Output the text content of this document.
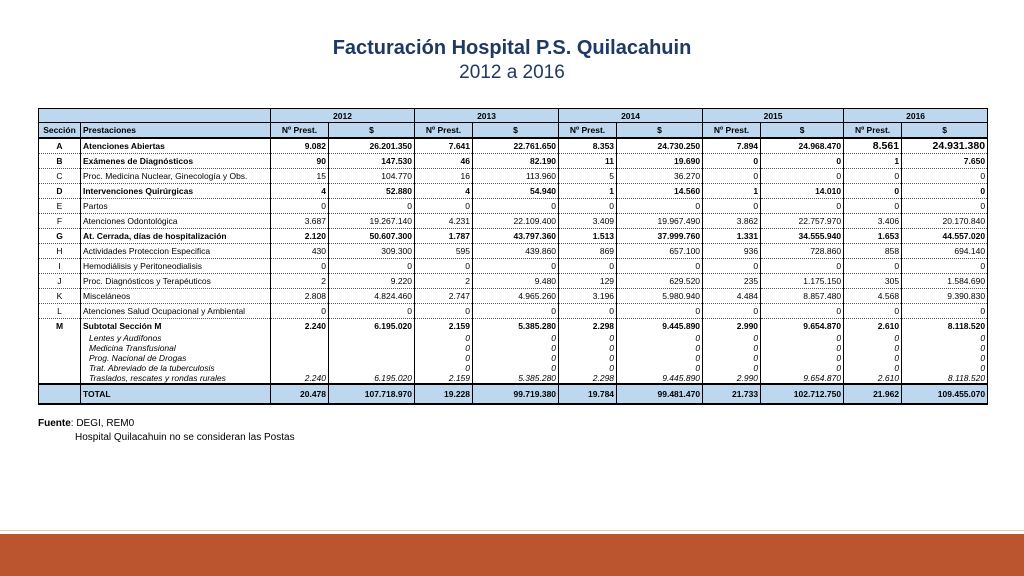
Facturación Hospital P.S. Quilacahuin
2012 a 2016
		2012		2013		2014		2015		2016	
Sección	Prestaciones	Nº Prest.	$	Nº Prest.	$	Nº Prest.	$	Nº Prest.	$	Nº Prest.	$
A	Atenciones Abiertas	9.082	26.201.350	7.641	22.761.650	8.353	24.730.250	7.894	24.968.470	8.561	24.931.380
B	Exámenes de Diagnósticos	90	147.530	46	82.190	11	19.690	0	0	1	7.650
C	Proc. Medicina Nuclear, Ginecología y Obs.	15	104.770	16	113.960	5	36.270	0	0	0	0
D	Intervenciones Quirúrgicas	4	52.880	4	54.940	1	14.560	1	14.010	0	0
E	Partos	0	0	0	0	0	0	0	0	0	0
F	Atenciones Odontológica	3.687	19.267.140	4.231	22.109.400	3.409	19.967.490	3.862	22.757.970	3.406	20.170.840
G	At. Cerrada, días de hospitalización	2.120	50.607.300	1.787	43.797.360	1.513	37.999.760	1.331	34.555.940	1.653	44.557.020
H	Actividades Proteccion Especifica	430	309.300	595	439.860	869	657.100	936	728.860	858	694.140
I	Hemodiálisis y Peritoneodialisis	0	0	0	0	0	0	0	0	0	0
J	Proc. Diagnósticos y Terapéuticos	2	9.220	2	9.480	129	629.520	235	1.175.150	305	1.584.690
K	Misceláneos	2.808	4.824.460	2.747	4.965.260	3.196	5.980.940	4.484	8.857.480	4.568	9.390.830
L	Atenciones Salud Ocupacional y Ambiental	0	0	0	0	0	0	0	0	0	0
M	Subtotal Sección M	2.240	6.195.020	2.159	5.385.280	2.298	9.445.890	2.990	9.654.870	2.610	8.118.520
	Lentes y Audífonos			0	0	0	0	0	0	0	0
	Medicina Transfusional			0	0	0	0	0	0	0	0
	Prog. Nacional de Drogas			0	0	0	0	0	0	0	0
	Trat. Abreviado de la tuberculosis			0	0	0	0	0	0	0	0
	Traslados, rescates y rondas rurales	2.240	6.195.020	2.159	5.385.280	2.298	9.445.890	2.990	9.654.870	2.610	8.118.520
	TOTAL	20.478	107.718.970	19.228	99.719.380	19.784	99.481.470	21.733	102.712.750	21.962	109.455.070
Fuente: DEGI, REM0
Hospital Quilacahuin no se consideran las Postas
